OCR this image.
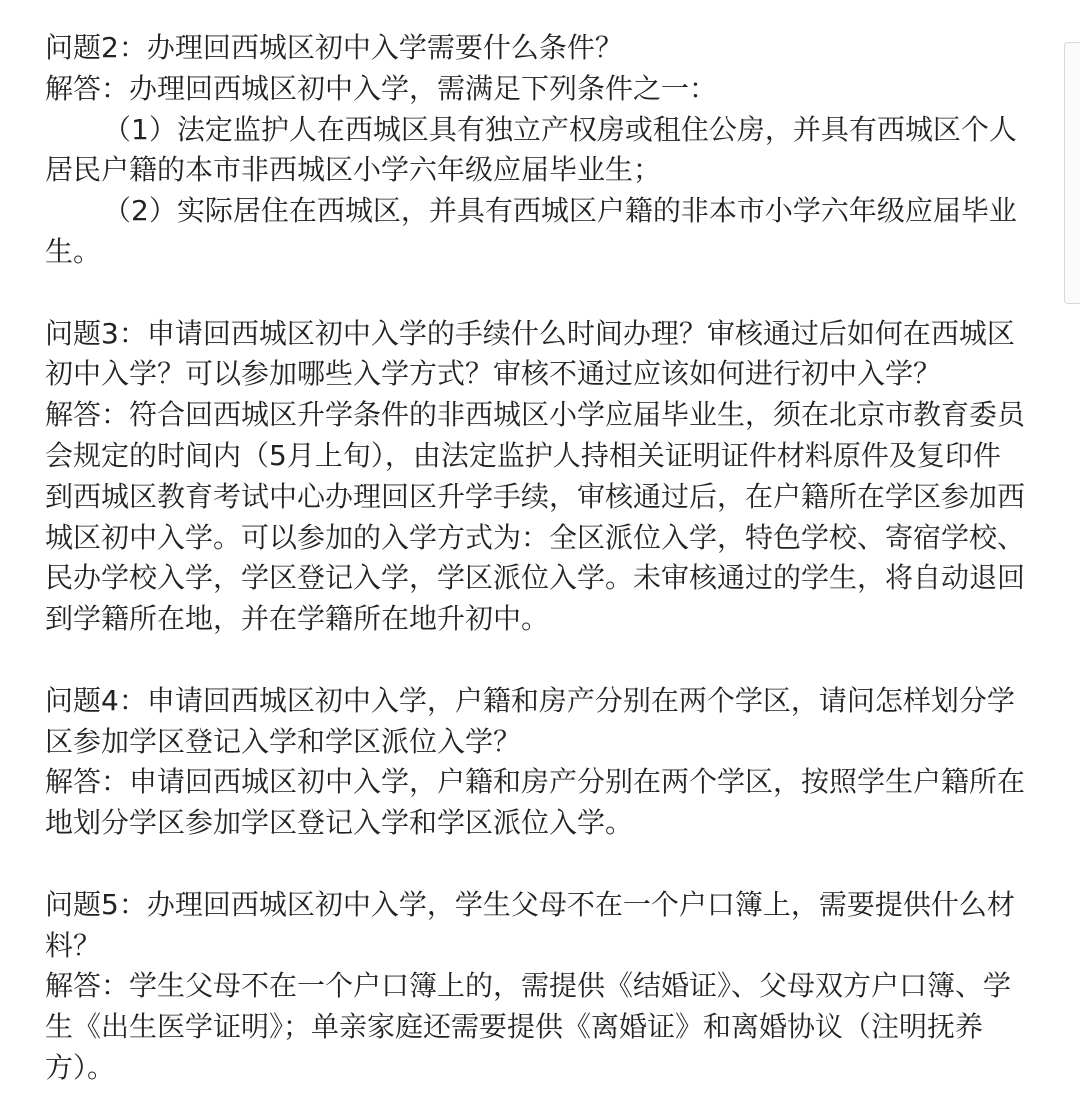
问题2：办理回西城区初中入学需要什么条件？

解答：办理回西城区初中入学，需满足下列条件之一：

（1）法定监护人在西城区具有独立产权房或租住公房，并具有西城区个人居民户籍的本市非西城区小学六年级应届毕业生；

（2）实际居住在西城区，并具有西城区户籍的非本市小学六年级应届毕业生。

问题3：申请回西城区初中入学的手续什么时间办理？审核通过后如何在西城区初中入学？可以参加哪些入学方式？审核不通过应该如何进行初中入学？

解答：符合回西城区升学条件的非西城区小学应届毕业生，须在北京市教育委员会规定的时间内（5月上旬），由法定监护人持相关证明证件材料原件及复印件到西城区教育考试中心办理回区升学手续，审核通过后，在户籍所在学区参加西城区初中入学。可以参加的入学方式为：全区派位入学，特色学校、寄宿学校、民办学校入学，学区登记入学，学区派位入学。未审核通过的学生，将自动退回到学籍所在地，并在学籍所在地升初中。

问题4：申请回西城区初中入学，户籍和房产分别在两个学区，请问怎样划分学区参加学区登记入学和学区派位入学？

解答：申请回西城区初中入学，户籍和房产分别在两个学区，按照学生户籍所在地划分学区参加学区登记入学和学区派位入学。

问题5：办理回西城区初中入学，学生父母不在一个户口簿上，需要提供什么材料？

解答：学生父母不在一个户口簿上的，需提供《结婚证》、父母双方户口簿、学生《出生医学证明》；单亲家庭还需要提供《离婚证》和离婚协议（注明抚养方）。
